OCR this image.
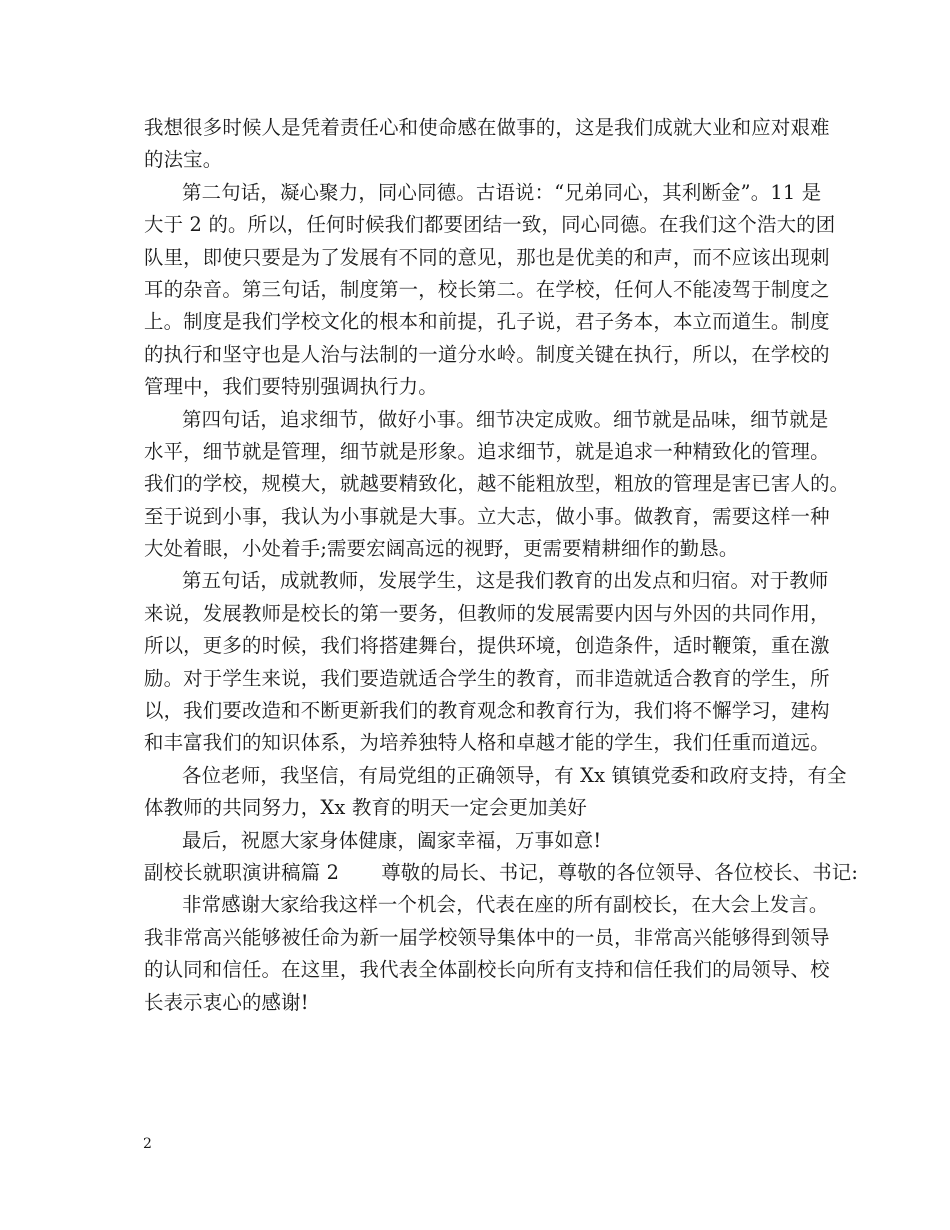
我想很多时候人是凭着责任心和使命感在做事的，这是我们成就大业和应对艰难
的法宝。
第二句话，凝心聚力，同心同德。古语说：“兄弟同心，其利断金”。11 是
大于 2 的。所以，任何时候我们都要团结一致，同心同德。在我们这个浩大的团
队里，即使只要是为了发展有不同的意见，那也是优美的和声，而不应该出现刺
耳的杂音。第三句话，制度第一，校长第二。在学校，任何人不能凌驾于制度之
上。制度是我们学校文化的根本和前提，孔子说，君子务本，本立而道生。制度
的执行和坚守也是人治与法制的一道分水岭。制度关键在执行，所以，在学校的
管理中，我们要特别强调执行力。
第四句话，追求细节，做好小事。细节决定成败。细节就是品味，细节就是
水平，细节就是管理，细节就是形象。追求细节，就是追求一种精致化的管理。
我们的学校，规模大，就越要精致化，越不能粗放型，粗放的管理是害已害人的。
至于说到小事，我认为小事就是大事。立大志，做小事。做教育，需要这样一种
大处着眼，小处着手;需要宏阔高远的视野，更需要精耕细作的勤恳。
第五句话，成就教师，发展学生，这是我们教育的出发点和归宿。对于教师
来说，发展教师是校长的第一要务，但教师的发展需要内因与外因的共同作用，
所以，更多的时候，我们将搭建舞台，提供环境，创造条件，适时鞭策，重在激
励。对于学生来说，我们要造就适合学生的教育，而非造就适合教育的学生，所
以，我们要改造和不断更新我们的教育观念和教育行为，我们将不懈学习，建构
和丰富我们的知识体系，为培养独特人格和卓越才能的学生，我们任重而道远。
各位老师，我坚信，有局党组的正确领导，有 Xx 镇镇党委和政府支持，有全
体教师的共同努力，Xx 教育的明天一定会更加美好
最后，祝愿大家身体健康，阖家幸福，万事如意!
副校长就职演讲稿篇 2 尊敬的局长、书记，尊敬的各位领导、各位校长、书记:
非常感谢大家给我这样一个机会，代表在座的所有副校长，在大会上发言。
我非常高兴能够被任命为新一届学校领导集体中的一员，非常高兴能够得到领导
的认同和信任。在这里，我代表全体副校长向所有支持和信任我们的局领导、校
长表示衷心的感谢!
2
